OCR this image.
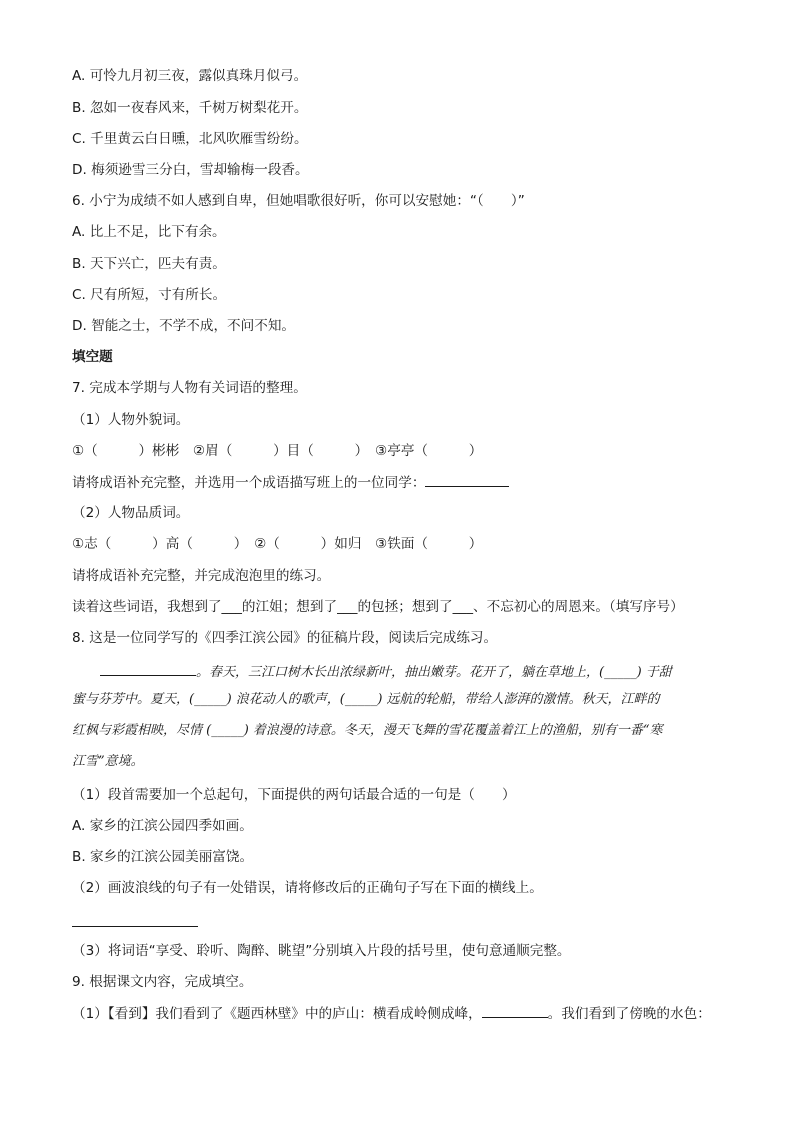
A. 可怜九月初三夜，露似真珠月似弓。
B. 忽如一夜春风来，千树万树梨花开。
C. 千里黄云白日曛，北风吹雁雪纷纷。
D. 梅须逊雪三分白，雪却输梅一段香。
6. 小宁为成绩不如人感到自卑，但她唱歌很好听，你可以安慰她：“（　　）”
A. 比上不足，比下有余。
B. 天下兴亡，匹夫有责。
C. 尺有所短，寸有所长。
D. 智能之士，不学不成，不问不知。
填空题
7. 完成本学期与人物有关词语的整理。
（1）人物外貌词。
①（　　　）彬彬　②眉（　　　）目（　　　）　③亭亭（　　　）
请将成语补充完整，并选用一个成语描写班上的一位同学：
（2）人物品质词。
①志（　　　）高（　　　）　②（　　　）如归　③铁面（　　　）
请将成语补充完整，并完成泡泡里的练习。
读着这些词语，我想到了___的江姐；想到了___的包拯；想到了___、不忘初心的周恩来。（填写序号）
8. 这是一位同学写的《四季江滨公园》的征稿片段，阅读后完成练习。
。春天，三江口树木长出浓绿新叶，抽出嫩芽。花开了，躺在草地上，(_____) 于甜
蜜与芬芳中。夏天，(_____) 浪花动人的歌声，(_____) 远航的轮船，带给人澎湃的激情。秋天，江畔的
红枫与彩霞相映，尽情 (_____) 着浪漫的诗意。冬天，漫天飞舞的雪花覆盖着江上的渔船，别有一番“寒
江雪”意境。
（1）段首需要加一个总起句，下面提供的两句话最合适的一句是（　　）
A. 家乡的江滨公园四季如画。
B. 家乡的江滨公园美丽富饶。
（2）画波浪线的句子有一处错误，请将修改后的正确句子写在下面的横线上。
（3）将词语“享受、聆听、陶醉、眺望”分别填入片段的括号里，使句意通顺完整。
9. 根据课文内容，完成填空。
（1）【看到】我们看到了《题西林壁》中的庐山：横看成岭侧成峰，	。我们看到了傍晚的水色：
